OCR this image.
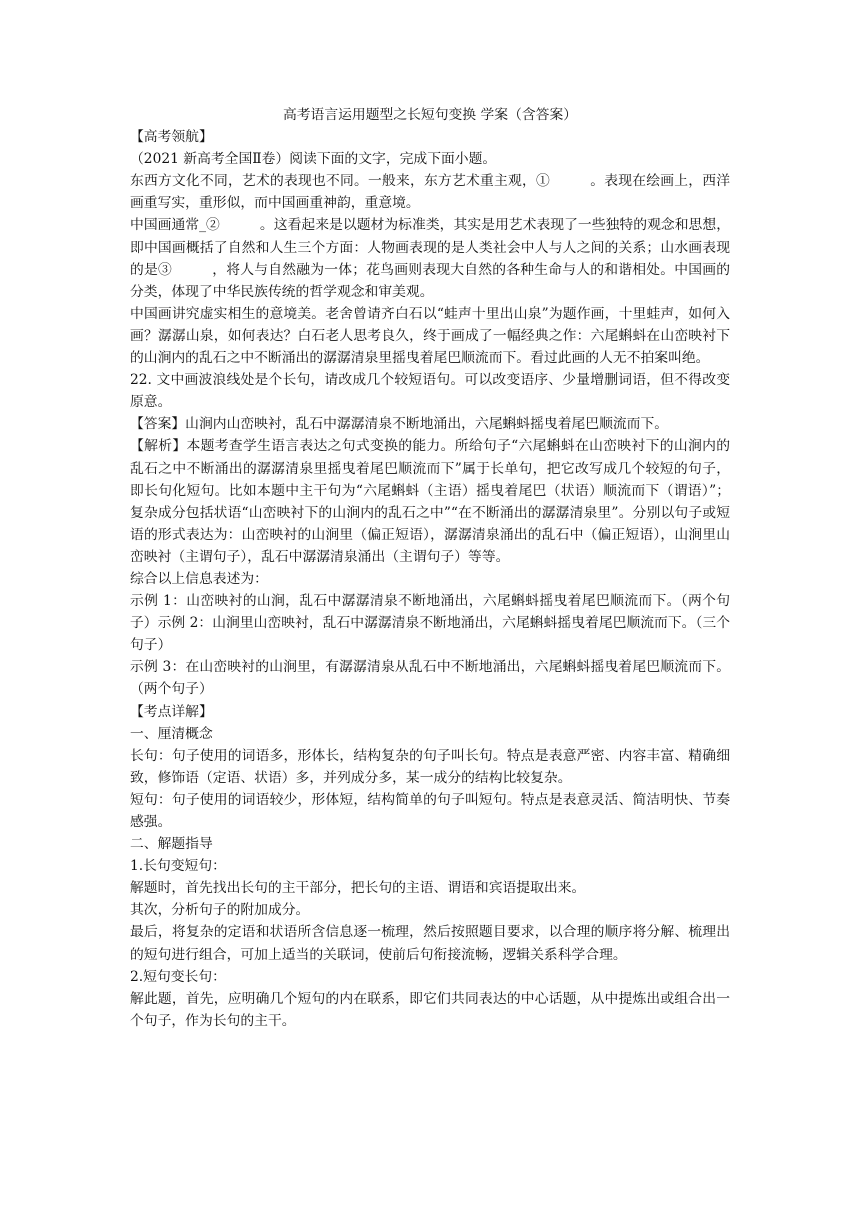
高考语言运用题型之长短句变换 学案（含答案）

【高考领航】

（2021 新高考全国Ⅱ卷）阅读下面的文字，完成下面小题。

东西方文化不同，艺术的表现也不同。一般来，东方艺术重主观，①	。表现在绘画上，西洋画重写实，重形似，而中国画重神韵，重意境。

中国画通常_②	。这看起来是以题材为标准类，其实是用艺术表现了一些独特的观念和思想，即中国画概括了自然和人生三个方面：人物画表现的是人类社会中人与人之间的关系；山水画表现的是③	，将人与自然融为一体；花鸟画则表现大自然的各种生命与人的和谐相处。中国画的分类，体现了中华民族传统的哲学观念和审美观。

中国画讲究虚实相生的意境美。老舍曾请齐白石以“蛙声十里出山泉”为题作画，十里蛙声，如何入画？潺潺山泉，如何表达？白石老人思考良久，终于画成了一幅经典之作：六尾蝌蚪在山峦映衬下的山涧内的乱石之中不断涌出的潺潺清泉里摇曳着尾巴顺流而下。看过此画的人无不拍案叫绝。

22. 文中画波浪线处是个长句，请改成几个较短语句。可以改变语序、少量增删词语，但不得改变原意。

【答案】山涧内山峦映衬，乱石中潺潺清泉不断地涌出，六尾蝌蚪摇曳着尾巴顺流而下。

【解析】本题考查学生语言表达之句式变换的能力。所给句子“六尾蝌蚪在山峦映衬下的山涧内的乱石之中不断涌出的潺潺清泉里摇曳着尾巴顺流而下”属于长单句，把它改写成几个较短的句子，即长句化短句。比如本题中主干句为“六尾蝌蚪（主语）摇曳着尾巴（状语）顺流而下（谓语）”；复杂成分包括状语“山峦映衬下的山涧内的乱石之中”“在不断涌出的潺潺清泉里”。分别以句子或短语的形式表达为：山峦映衬的山涧里（偏正短语），潺潺清泉涌出的乱石中（偏正短语），山涧里山峦映衬（主谓句子），乱石中潺潺清泉涌出（主谓句子）等等。

综合以上信息表述为：

示例 1：山峦映衬的山涧，乱石中潺潺清泉不断地涌出，六尾蝌蚪摇曳着尾巴顺流而下。（两个句子）示例 2：山涧里山峦映衬，乱石中潺潺清泉不断地涌出，六尾蝌蚪摇曳着尾巴顺流而下。（三个句子）

示例 3：在山峦映衬的山涧里，有潺潺清泉从乱石中不断地涌出，六尾蝌蚪摇曳着尾巴顺流而下。（两个句子）

【考点详解】

一、厘清概念

长句：句子使用的词语多，形体长，结构复杂的句子叫长句。特点是表意严密、内容丰富、精确细致，修饰语（定语、状语）多，并列成分多，某一成分的结构比较复杂。

短句：句子使用的词语较少，形体短，结构简单的句子叫短句。特点是表意灵活、简洁明快、节奏感强。

二、解题指导

1.长句变短句：

解题时，首先找出长句的主干部分，把长句的主语、谓语和宾语提取出来。

其次，分析句子的附加成分。

最后，将复杂的定语和状语所含信息逐一梳理，然后按照题目要求，以合理的顺序将分解、梳理出的短句进行组合，可加上适当的关联词，使前后句衔接流畅，逻辑关系科学合理。

2.短句变长句：

解此题，首先，应明确几个短句的内在联系，即它们共同表达的中心话题，从中提炼出或组合出一个句子，作为长句的主干。
